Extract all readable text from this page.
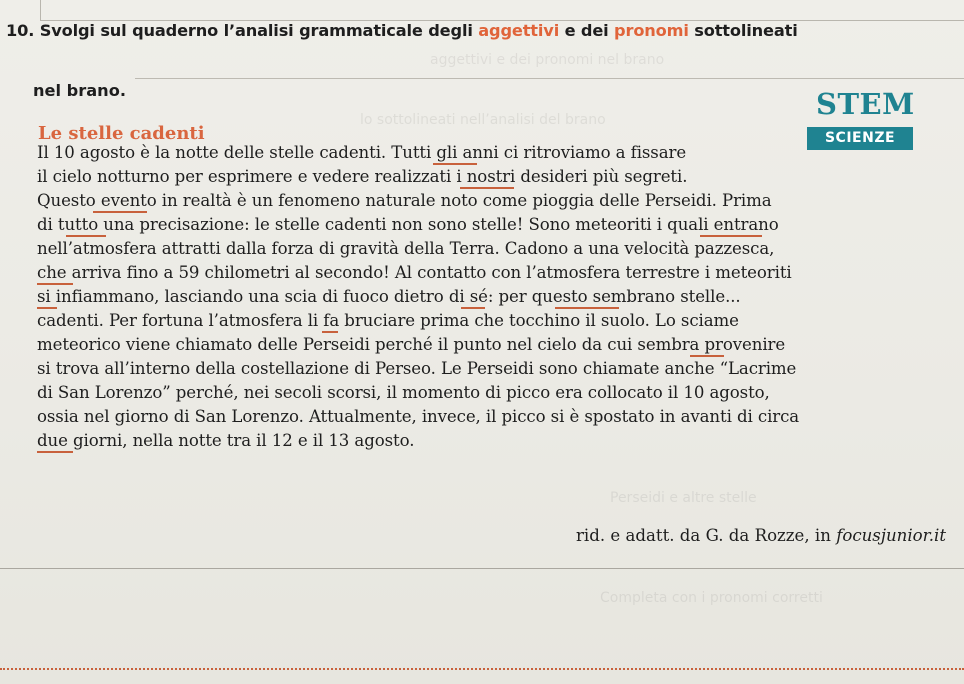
aggettivi e dei pronomi nel brano
lo sottolineati nell’analisi del brano
Perseidi e altre stelle
Completa con i pronomi corretti
10. Svolgi sul quaderno l’analisi grammaticale degli aggettivi e dei pronomi sottolineati
nel brano.	STEM
SCIENZE
Le stelle cadenti
Il 10 agosto è la notte delle stelle cadenti. Tutti gli anni ci ritroviamo a fissare
il cielo notturno per esprimere e vedere realizzati i nostri desideri più segreti.
Questo evento in realtà è un fenomeno naturale noto come pioggia delle Perseidi. Prima
di tutto una precisazione: le stelle cadenti non sono stelle! Sono meteoriti i quali entrano
nell’atmosfera attratti dalla forza di gravità della Terra. Cadono a una velocità pazzesca,
che arriva fino a 59 chilometri al secondo! Al contatto con l’atmosfera terrestre i meteoriti
si infiammano, lasciando una scia di fuoco dietro di sé: per questo sembrano stelle...
cadenti. Per fortuna l’atmosfera li fa bruciare prima che tocchino il suolo. Lo sciame
meteorico viene chiamato delle Perseidi perché il punto nel cielo da cui sembra provenire
si trova all’interno della costellazione di Perseo. Le Perseidi sono chiamate anche “Lacrime
di San Lorenzo” perché, nei secoli scorsi, il momento di picco era collocato il 10 agosto,
ossia nel giorno di San Lorenzo. Attualmente, invece, il picco si è spostato in avanti di circa
due giorni, nella notte tra il 12 e il 13 agosto.
rid. e adatt. da G. da Rozze, in focusjunior.it
